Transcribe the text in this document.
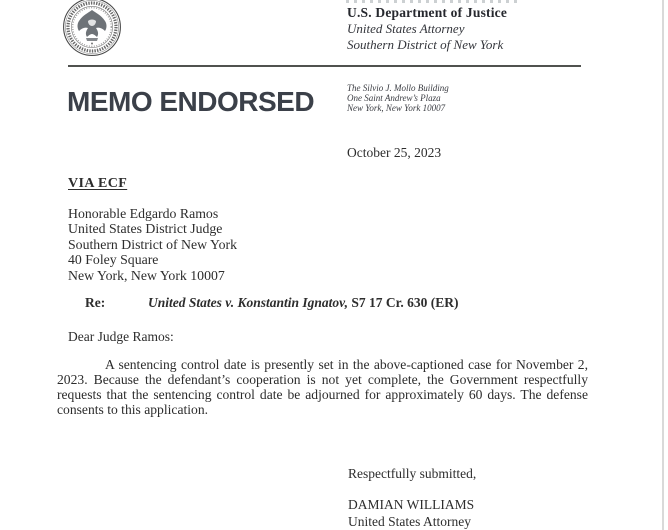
U.S. Department of Justice
United States Attorney
Southern District of New York
MEMO ENDORSED	The Silvio J. Mollo Building
One Saint Andrew’s Plaza
New York, New York 10007
October 25, 2023
VIA ECF
Honorable Edgardo Ramos
United States District Judge
Southern District of New York
40 Foley Square
New York, New York 10007
Re:	United States v. Konstantin Ignatov, S7 17 Cr. 630 (ER)
Dear Judge Ramos:

A sentencing control date is presently set in the above-captioned case for November 2, 2023. Because the defendant’s cooperation is not yet complete, the Government respectfully requests that the sentencing control date be adjourned for approximately 60 days. The defense consents to this application.

Respectfully submitted,
DAMIAN WILLIAMS
United States Attorney
